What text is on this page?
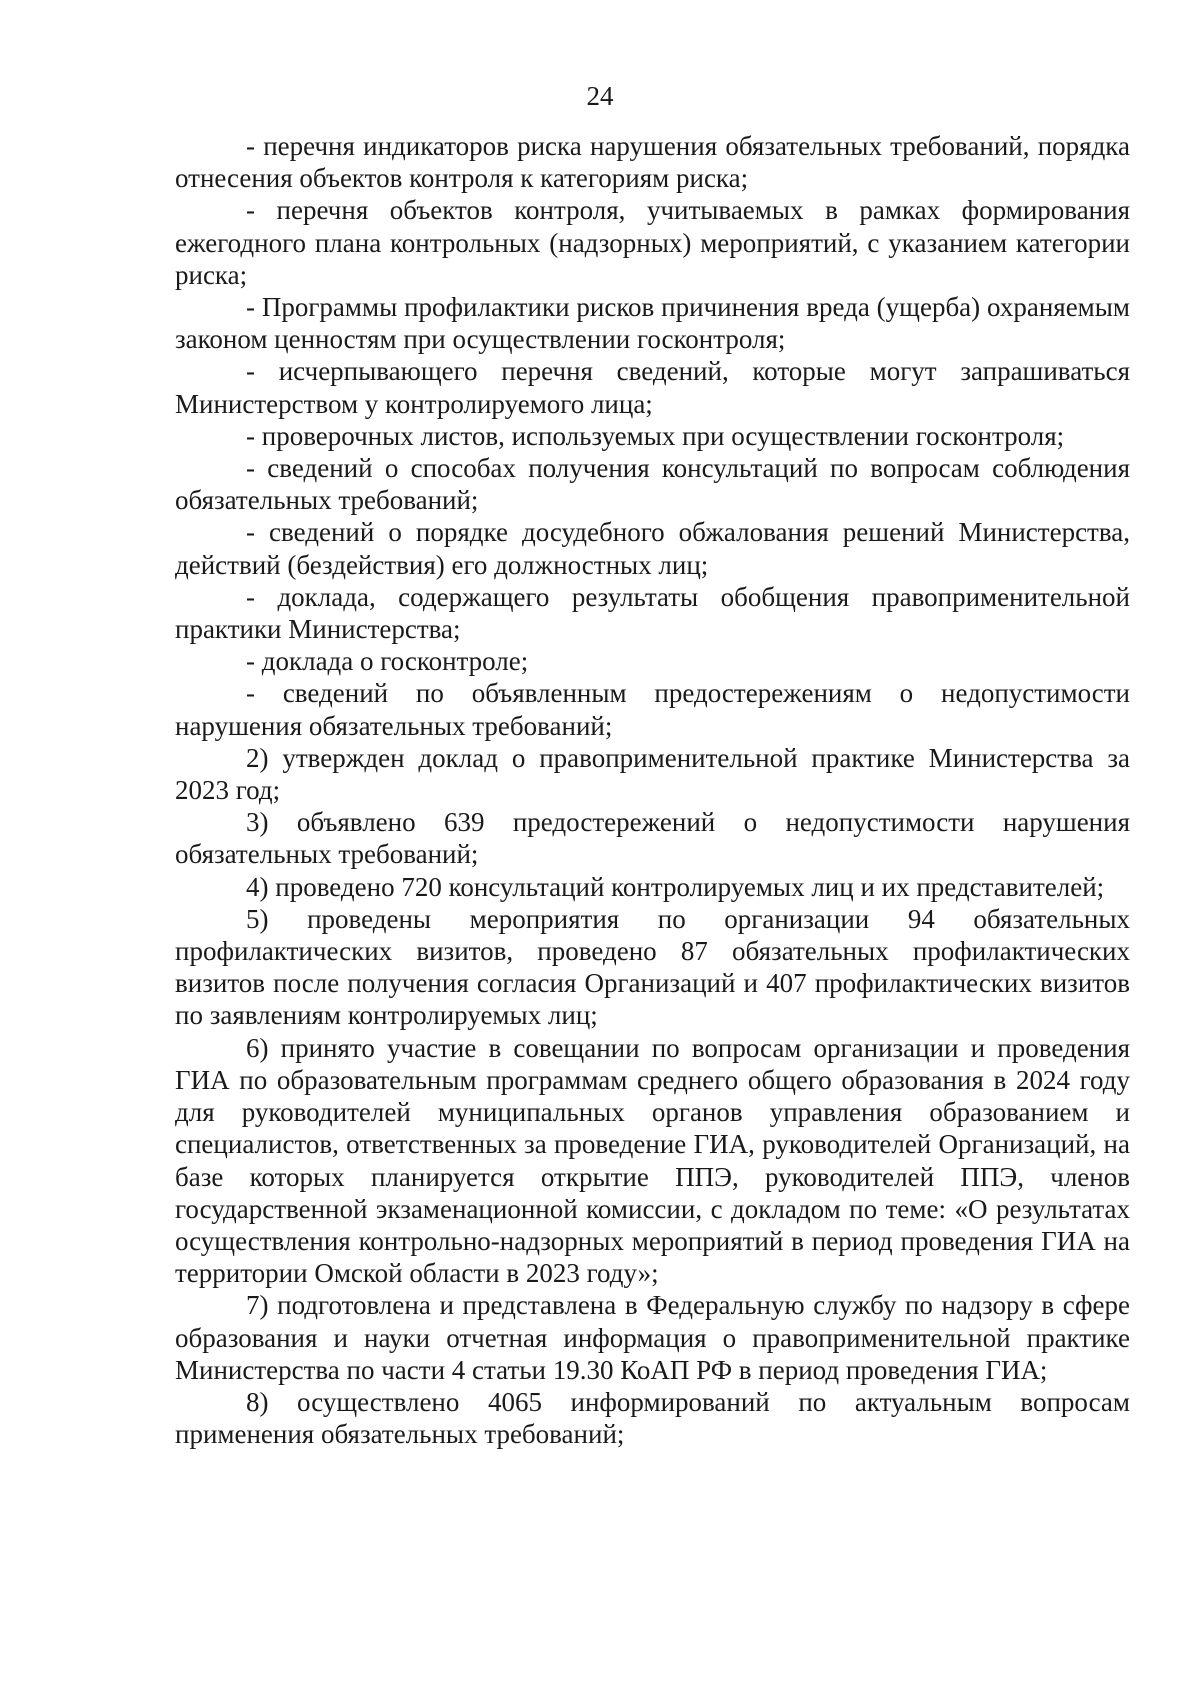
24

- перечня индикаторов риска нарушения обязательных требований, порядка отнесения объектов контроля к категориям риска;

- перечня объектов контроля, учитываемых в рамках формирования ежегодного плана контрольных (надзорных) мероприятий, с указанием категории риска;

- Программы профилактики рисков причинения вреда (ущерба) охраняемым законом ценностям при осуществлении госконтроля;

- исчерпывающего перечня сведений, которые могут запрашиваться Министерством у контролируемого лица;

- проверочных листов, используемых при осуществлении госконтроля;

- сведений о способах получения консультаций по вопросам соблюдения обязательных требований;

- сведений о порядке досудебного обжалования решений Министерства, действий (бездействия) его должностных лиц;

- доклада, содержащего результаты обобщения правоприменительной практики Министерства;

- доклада о госконтроле;

- сведений по объявленным предостережениям о недопустимости нарушения обязательных требований;

2) утвержден доклад о правоприменительной практике Министерства за 2023 год;

3) объявлено 639 предостережений о недопустимости нарушения обязательных требований;

4) проведено 720 консультаций контролируемых лиц и их представителей;

5) проведены мероприятия по организации 94 обязательных профилактических визитов, проведено 87 обязательных профилактических визитов после получения согласия Организаций и 407 профилактических визитов по заявлениям контролируемых лиц;

6) принято участие в совещании по вопросам организации и проведения ГИА по образовательным программам среднего общего образования в 2024 году для руководителей муниципальных органов управления образованием и специалистов, ответственных за проведение ГИА, руководителей Организаций, на базе которых планируется открытие ППЭ, руководителей ППЭ, членов государственной экзаменационной комиссии, с докладом по теме: «О результатах осуществления контрольно-надзорных мероприятий в период проведения ГИА на территории Омской области в 2023 году»;

7) подготовлена и представлена в Федеральную службу по надзору в сфере образования и науки отчетная информация о правоприменительной практике Министерства по части 4 статьи 19.30 КоАП РФ в период проведения ГИА;

8) осуществлено 4065 информирований по актуальным вопросам применения обязательных требований;
